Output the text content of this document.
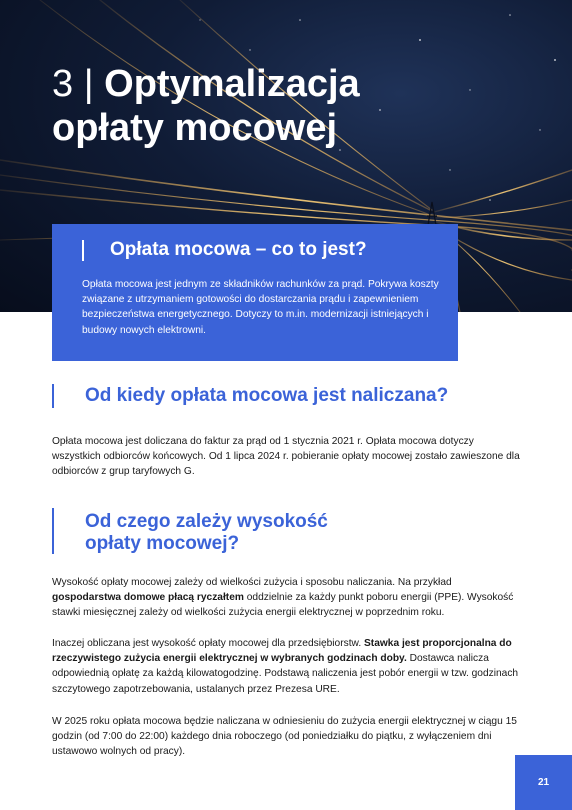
3 | Optymalizacja
opłaty mocowej
Opłata mocowa – co to jest?

Opłata mocowa jest jednym ze składników rachunków za prąd. Pokrywa koszty związane z utrzymaniem gotowości do dostarczania prądu i zapewnieniem bezpieczeństwa energetycznego. Dotyczy to m.in. modernizacji istniejących i budowy nowych elektrowni.

Od kiedy opłata mocowa jest naliczana?

Opłata mocowa jest doliczana do faktur za prąd od 1 stycznia 2021 r. Opłata mocowa dotyczy wszystkich odbiorców końcowych. Od 1 lipca 2024 r. pobieranie opłaty mocowej zostało zawieszone dla odbiorców z grup taryfowych G.

Od czego zależy wysokość
opłaty mocowej?

Wysokość opłaty mocowej zależy od wielkości zużycia i sposobu naliczania. Na przykład gospodarstwa domowe płacą ryczałtem oddzielnie za każdy punkt poboru energii (PPE). Wysokość stawki miesięcznej zależy od wielkości zużycia energii elektrycznej w poprzednim roku.

Inaczej obliczana jest wysokość opłaty mocowej dla przedsiębiorstw. Stawka jest proporcjonalna do rzeczywistego zużycia energii elektrycznej w wybranych godzinach doby. Dostawca nalicza odpowiednią opłatę za każdą kilowatogodzinę. Podstawą naliczenia jest pobór energii w tzw. godzinach szczytowego zapotrzebowania, ustalanych przez Prezesa URE.

W 2025 roku opłata mocowa będzie naliczana w odniesieniu do zużycia energii elektrycznej w ciągu 15 godzin (od 7:00 do 22:00) każdego dnia roboczego (od poniedziałku do piątku, z wyłączeniem dni ustawowo wolnych od pracy).

21
